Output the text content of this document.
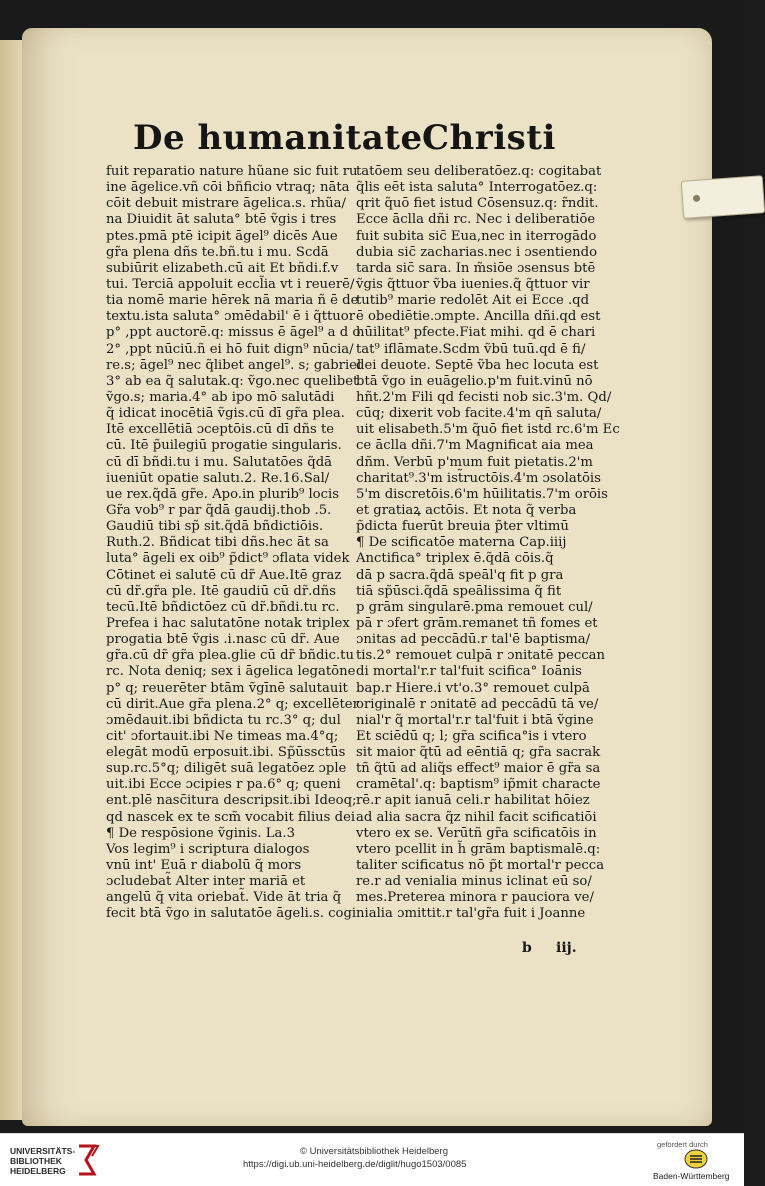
De humanitate Christi
fuit reparatio nature hũane sic fuit ru
ine āgelice.vñ cōi bñficio vtraq; nāta
cōit debuit mistrare āgelica.s. rhũa/
na Diuidit āt saluta° btē ṽgis i tres
ptes.pmā ptē icipit āgel⁹ dicēs Aue
gr̃a plena dñs te.bñ.tu i mu. Scdā
subiūrit elizabeth.cū ait Et bñdi.f.v
tui. Terciā appoluit eccl̃ia vt i reuerē/
tia nomē marie hērek nā maria ñ ē de
textu.ista saluta° ɔmēdabil' ē i q̃ttuor
p° ,ppt auctorē.q: missus ē āgel⁹ a d o
2° ,ppt nūciū.ñ ei hō fuit dign⁹ nūcia/
re.s; āgel⁹ nec q̃libet angel⁹. s; gabriel
3° ab ea q̃ salutak.q: ṽgo.nec quelibet
ṽgo.s; maria.4° ab ipo mō salutādi
q̃ idicat inocētiā ṽgis.cū dī gr̃a plea.
Itē excellētiā ɔceptōis.cū dī dñs te
cū. Itē p̃uilegiū progatie singularis.
cū dī bñdi.tu i mu. Salutatōes q̃dā
iueniūt opatie salutı.2. Re.16.Sal/
ue rex.q̃dā gr̃e. Apo.in plurib⁹ locis
Gr̃a vob⁹ r par q̃dā gaudij.thob .5.
Gaudiū tibi sp̃ sit.q̃dā bñdictiōis.
Ruth.2. Bñdicat tibi dñs.hec āt sa
luta° āgeli ex oib⁹ p̃dict⁹ ɔflata videk
Cōtinet ei salutē cū dr̃ Aue.Itē graz
cū dr̃.gr̃a ple. Itē gaudiū cū dr̃.dñs
tecū.Itē bñdictōez cū dr̃.bñdi.tu rc.
Prefea i hac salutatōne notak triplex
progatia btē ṽgis .i.nasc cū dr̃. Aue
gr̃a.cū dr̃ gr̃a plea.glie cū dr̃ bñdic.tu
rc. Nota deniq; sex i āgelica legatōne
p° q; reuerēter btām ṽgīnē salutauit
cū dirit.Aue gr̃a plena.2° q; excellēter
ɔmēdauit.ibi bñdicta tu rc.3° q; dul
cit' ɔfortauit.ibi Ne timeas ma.4°q;
elegāt modū erposuit.ibi. Sp̃ūssctūs
sup.rc.5°q; diligēt suā legatōez ɔple
uit.ibi Ecce ɔcipies r pa.6° q; queni
ent.plē nasc̄itura descripsit.ibi Ideoq;
qd nascek ex te scm̃ vocabit filius dei
¶ De respōsione ṽginis. La.3
Vos legim⁹ i scriptura dialogos
vnū int' Euā r diabolū q̃ mors
ɔcludebat̃ Alter inter mariā et
angelū q̃ vita oriebat̃. Vide āt tria q̃
fecit btā ṽgo in salutatōe āgeli.s. cogi
tatōem seu deliberatōez.q: cogitabat
q̃lis eēt ista saluta° Interrogatōez.q:
qrit q̃uō fiet istud Cōsensuz.q: r̃ndit.
Ecce āclla dñi rc. Nec i deliberatiōe
fuit subita sic̄ Eua,nec in iterrogādo
dubia sic̄ zacharias.nec i ɔsentiendo
tarda sic̄ sara. In m̃siōe ɔsensus btē
ṽgis q̃ttuor ṽba iuenies.q̃ q̃ttuor vir
tutib⁹ marie redolēt Ait ei Ecce .qd
ē obediētie.ɔmpte. Ancilla dñi.qd est
hūilitat⁹ pfecte.Fiat mihi. qd ē chari
tat⁹ iflāmate.Scdm ṽbū tuū.qd ē fi/
dei deuote. Septē ṽba hec locuta est
btā ṽgo in euāgelio.p'm fuit.vinū nō
hñt.2'm Fili qd fecisti nob sic.3'm. Qd/
cūq; dixerit vob facite.4'm qn̄ saluta/
uit elisabeth.5'm q̃uō fiet istd rc.6'm Ec
ce āclla dñi.7'm Magnificat aia mea
dñm. Verbū p'mum fuit pietatis.2'm
charitat⁹.3'm ist̃ructōis.4'm ɔsolatōis
5'm discretōis.6'm hūilitatis.7'm orōis
et gratiaꝝ actōis. Et nota q̃ verba
p̃dicta fuerūt breuia p̃ter vltimū
¶ De scificatōe materna Cap.iiij
Anctifica° triplex ē.q̃dā cōis.q̃
dā p sacra.q̃dā speāl'q fit p gra
tiā sp̃ūsci.q̃dā speālissima q̃ fit
p grām singularē.pma remouet cul/
pā r ɔfert grām.remanet tñ fomes et
ɔnitas ad peccādū.r tal'ē baptisma/
tis.2° remouet culpā r ɔnitatē peccan
di mortal'r.r tal'fuit scifica° Ioānis
bap.r Hiere.i vt'o.3° remouet culpā
originalē r ɔnitatē ad peccādū tā ve/
nial'r q̃ mortal'r.r tal'fuit i btā ṽgine
Et sciēdū q; l; gr̃a scifica°is i vtero
sit maior q̃tū ad eēntiā q; gr̃a sacrak
tñ q̃tū ad aliq̃s effect⁹ maior ē gr̃a sa
cramētal'.q: baptism⁹ ip̃mit characte
rē.r apit ianuā celi.r habilitat hōiez
ad alia sacra q̃z nihil facit scificatiōi
vtero ex se. Verūtñ gr̃a scificatōis in
vtero pcellit in h̃ grām baptismalē.q:
taliter scificatus nō p̃t mortal'r pecca
re.r ad venialia minus iclinat eū so/
mes.Preterea minora r pauciora ve/
nialia ɔmittit.r tal'gr̃a fuit i Joanne
b iij.
UNIVERSITÄTS-
BIBLIOTHEK
HEIDELBERG
© Universitätsbibliothek Heidelberg
https://digi.ub.uni-heidelberg.de/diglit/hugo1503/0085
gefördert durch
Baden-Württemberg
